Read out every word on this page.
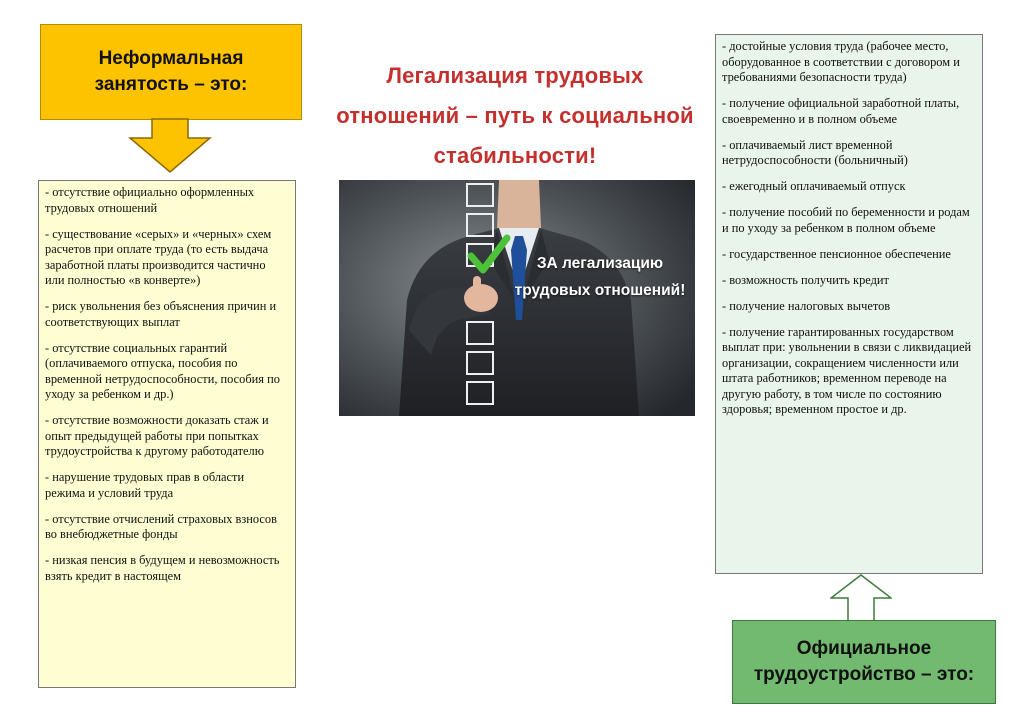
Неформальная занятость – это:
- отсутствие официально оформленных трудовых отношений
- существование «серых» и «черных» схем расчетов при оплате труда (то есть выдача заработной платы производится частично или полностью «в конверте»)
- риск увольнения без объяснения причин и соответствующих выплат
- отсутствие социальных гарантий (оплачиваемого отпуска, пособия по временной нетрудоспособности, пособия по уходу за ребенком и др.)
- отсутствие возможности доказать стаж и опыт предыдущей работы при попытках трудоустройства к другому работодателю
- нарушение трудовых прав в области режима и условий труда
- отсутствие отчислений страховых взносов во внебюджетные фонды
- низкая пенсия в будущем и невозможность взять кредит в настоящем
Легализация трудовых отношений – путь к социальной стабильности!
ЗА легализацию трудовых отношений!
- достойные условия труда (рабочее место, оборудованное в соответствии с договором и требованиями безопасности труда)
- получение официальной заработной платы, своевременно и в полном объеме
- оплачиваемый лист временной нетрудоспособности (больничный)
- ежегодный оплачиваемый отпуск
- получение пособий по беременности и родам и по уходу за ребенком в полном объеме
- государственное пенсионное обеспечение
- возможность получить кредит
- получение налоговых вычетов
- получение гарантированных государством выплат при: увольнении в связи с ликвидацией организации, сокращением численности или штата работников; временном переводе на другую работу, в том числе по состоянию здоровья; временном простое и др.
Официальное трудоустройство – это:
